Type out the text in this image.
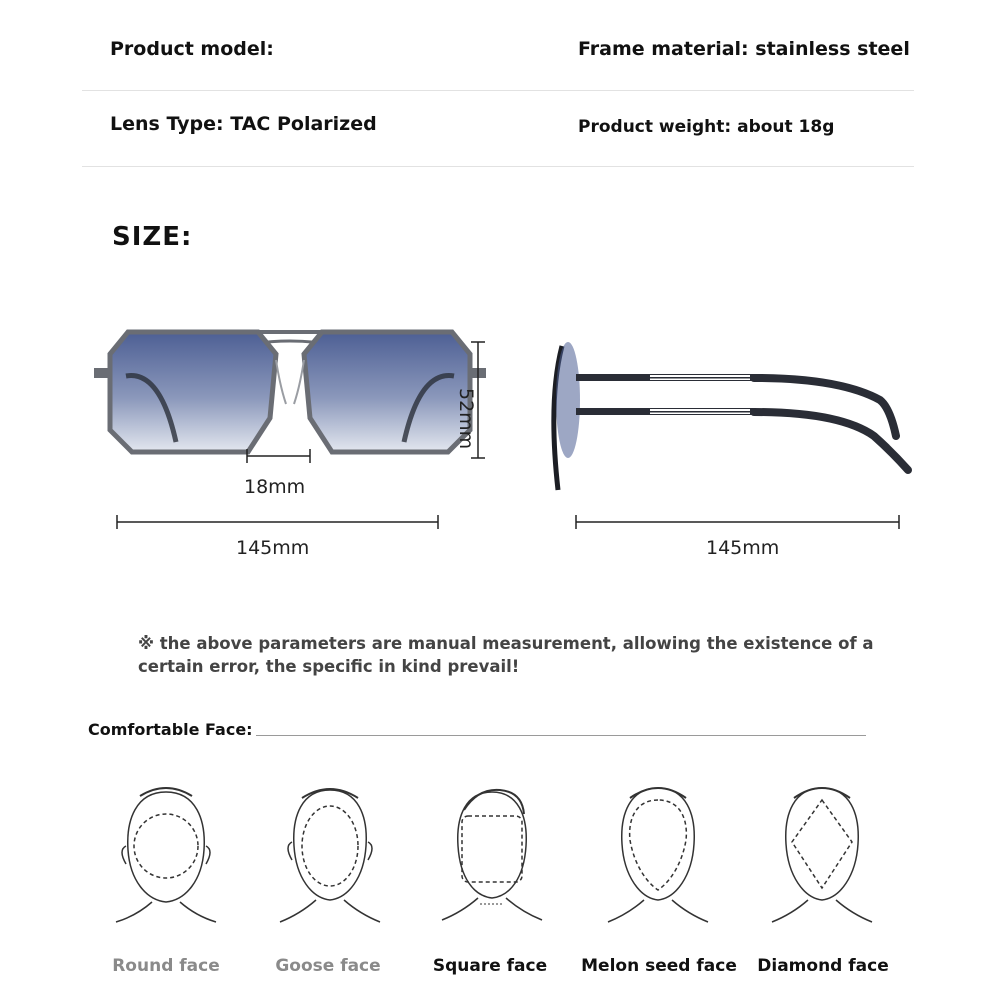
Product model:	Frame material: stainless steel
Lens Type: TAC Polarized	Product weight: about 18g
SIZE:
18mm
52mm
145mm	145mm
※ the above parameters are manual measurement, allowing the existence of a
certain error, the specific in kind prevail!
Comfortable Face:
Round face	Goose face	Square face	Melon seed face	Diamond face
